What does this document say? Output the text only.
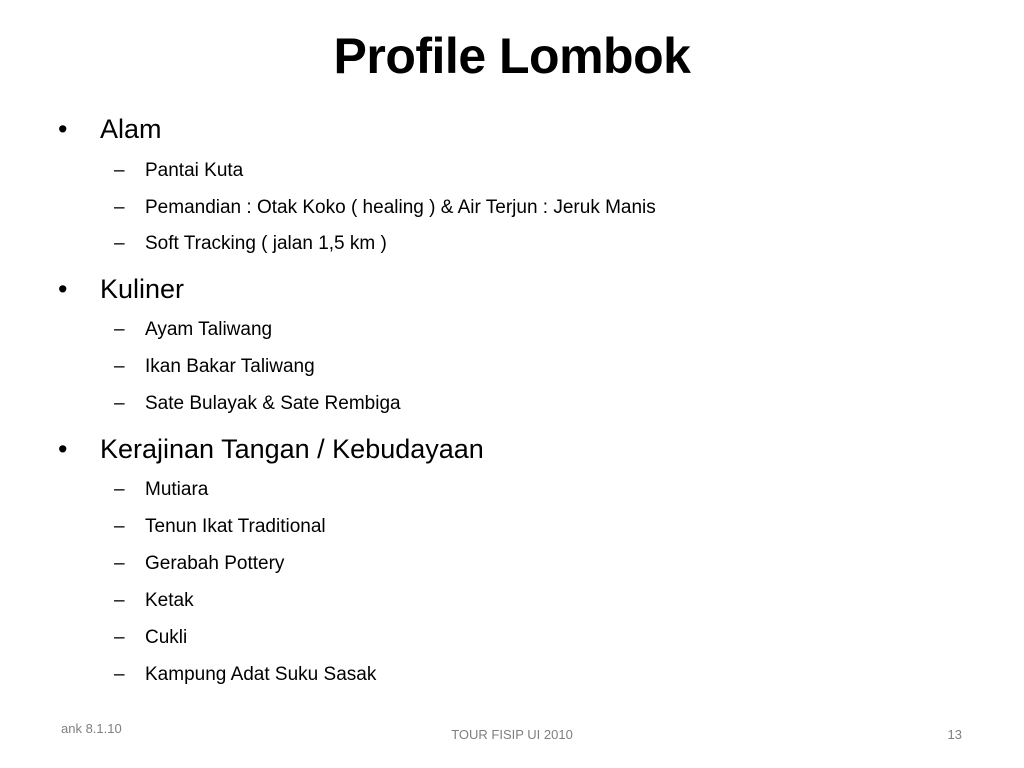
Profile Lombok
• Alam
– Pantai Kuta
– Pemandian : Otak Koko ( healing ) & Air Terjun : Jeruk Manis
– Soft Tracking ( jalan 1,5 km )
• Kuliner
– Ayam Taliwang
– Ikan Bakar Taliwang
– Sate Bulayak & Sate Rembiga
• Kerajinan Tangan / Kebudayaan
– Mutiara
– Tenun Ikat Traditional
– Gerabah Pottery
– Ketak
– Cukli
– Kampung Adat Suku Sasak
ank 8.1.10	TOUR FISIP UI 2010	13
